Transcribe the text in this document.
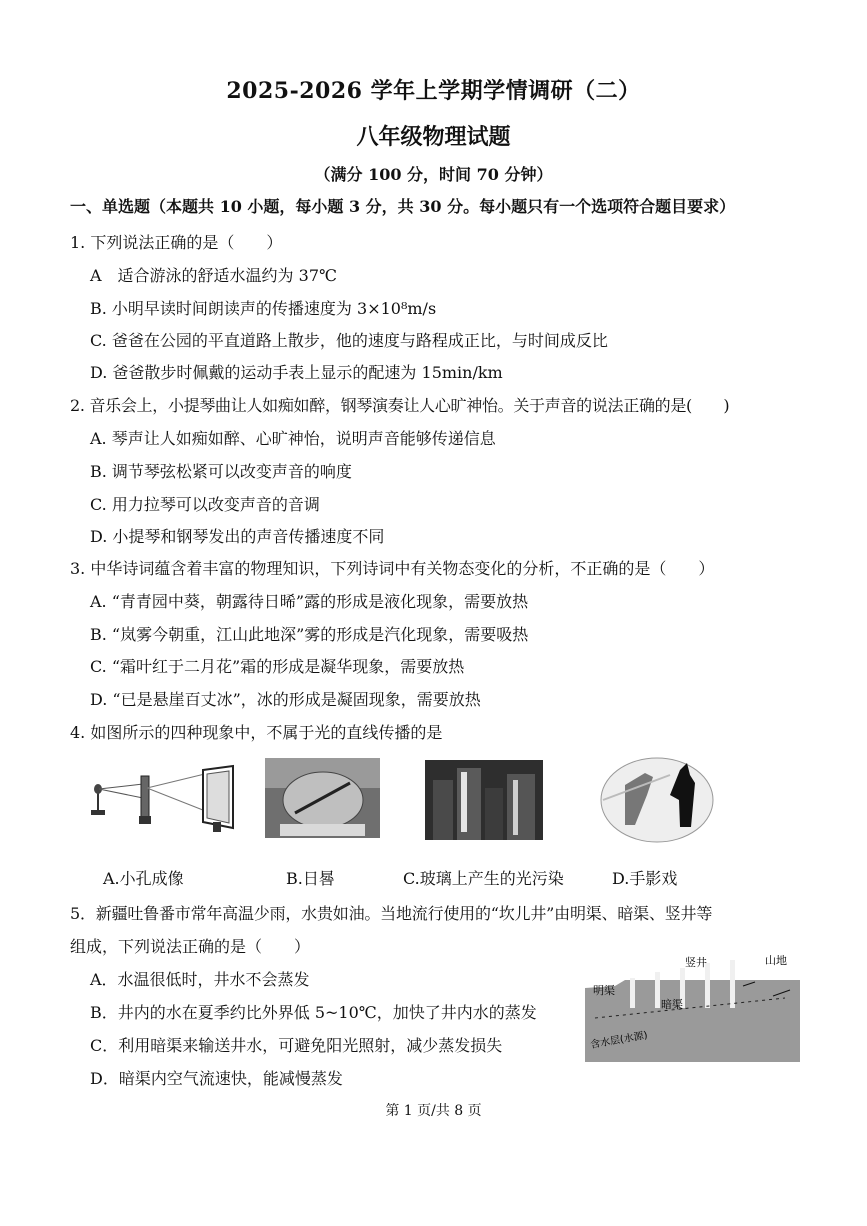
2025-2026 学年上学期学情调研（二）
八年级物理试题
（满分 100 分，时间 70 分钟）
一、单选题（本题共 10 小题，每小题 3 分，共 30 分。每小题只有一个选项符合题目要求）
1. 下列说法正确的是（　　）
A　适合游泳的舒适水温约为 37℃
B. 小明早读时间朗读声的传播速度为 3×10⁸m/s
C. 爸爸在公园的平直道路上散步，他的速度与路程成正比，与时间成反比
D. 爸爸散步时佩戴的运动手表上显示的配速为 15min/km
2. 音乐会上，小提琴曲让人如痴如醉，钢琴演奏让人心旷神怡。关于声音的说法正确的是(　　)
A. 琴声让人如痴如醉、心旷神怡，说明声音能够传递信息
B. 调节琴弦松紧可以改变声音的响度
C. 用力拉琴可以改变声音的音调
D. 小提琴和钢琴发出的声音传播速度不同
3. 中华诗词蕴含着丰富的物理知识，下列诗词中有关物态变化的分析，不正确的是（　　）
A. “青青园中葵，朝露待日晞”露的形成是液化现象，需要放热
B. “岚雾今朝重，江山此地深”雾的形成是汽化现象，需要吸热
C. “霜叶红于二月花”霜的形成是凝华现象，需要放热
D. “已是悬崖百丈冰”，冰的形成是凝固现象，需要放热
4. 如图所示的四种现象中，不属于光的直线传播的是
A.小孔成像	B.日晷	C.玻璃上产生的光污染	D.手影戏
5．新疆吐鲁番市常年高温少雨，水贵如油。当地流行使用的“坎儿井”由明渠、暗渠、竖井等
组成，下列说法正确的是（　　）
A．水温很低时，井水不会蒸发
B．井内的水在夏季约比外界低 5~10℃，加快了井内水的蒸发
C．利用暗渠来输送井水，可避免阳光照射，减少蒸发损失
D．暗渠内空气流速快，能减慢蒸发
竖井	山地
明渠
暗渠
含水层(水源)
第 1 页/共 8 页
